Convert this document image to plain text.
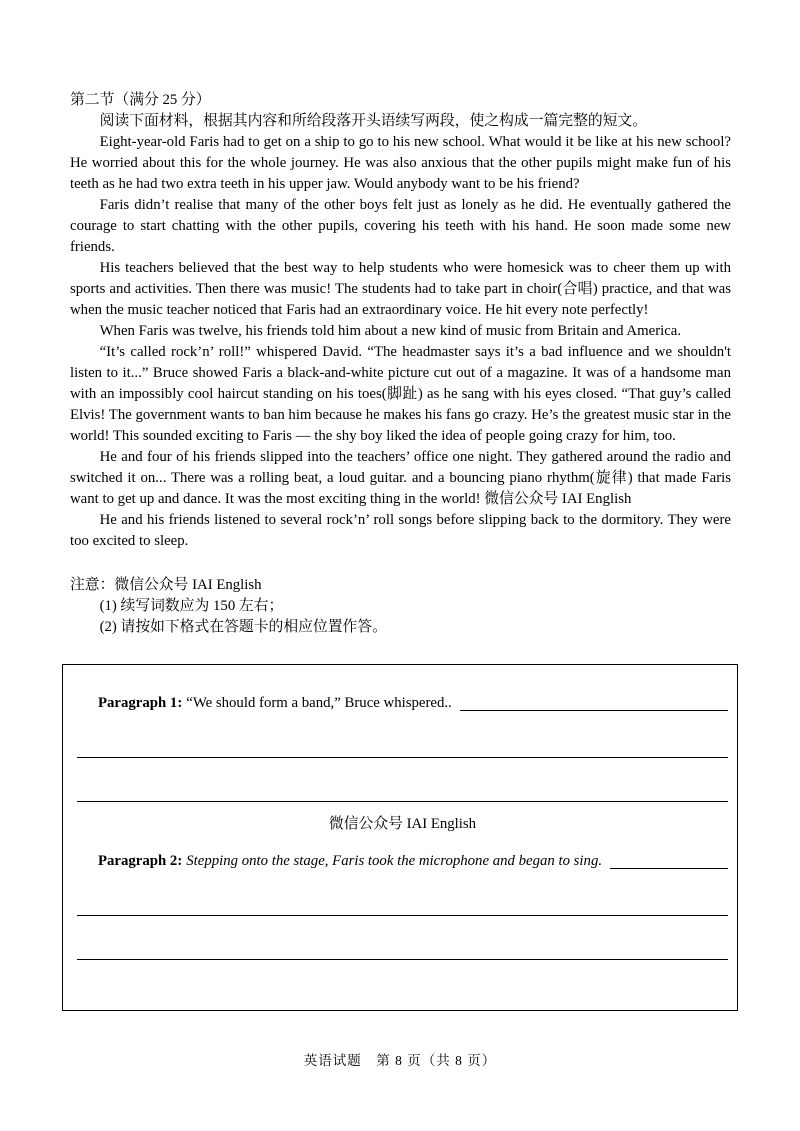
第二节（满分 25 分）

阅读下面材料，根据其内容和所给段落开头语续写两段，使之构成一篇完整的短文。

Eight-year-old Faris had to get on a ship to go to his new school. What would it be like at his new school? He worried about this for the whole journey. He was also anxious that the other pupils might make fun of his teeth as he had two extra teeth in his upper jaw. Would anybody want to be his friend?

Faris didn’t realise that many of the other boys felt just as lonely as he did. He eventually gathered the courage to start chatting with the other pupils, covering his teeth with his hand. He soon made some new friends.

His teachers believed that the best way to help students who were homesick was to cheer them up with sports and activities. Then there was music! The students had to take part in choir(合唱) practice, and that was when the music teacher noticed that Faris had an extraordinary voice. He hit every note perfectly!

When Faris was twelve, his friends told him about a new kind of music from Britain and America.

“It’s called rock’n’ roll!” whispered David. “The headmaster says it’s a bad influence and we shouldn't listen to it...” Bruce showed Faris a black-and-white picture cut out of a magazine. It was of a handsome man with an impossibly cool haircut standing on his toes(脚趾) as he sang with his eyes closed. “That guy’s called Elvis! The government wants to ban him because he makes his fans go crazy. He’s the greatest music star in the world! This sounded exciting to Faris — the shy boy liked the idea of people going crazy for him, too.

He and four of his friends slipped into the teachers’ office one night. They gathered around the radio and switched it on... There was a rolling beat, a loud guitar. and a bouncing piano rhythm(旋律) that made Faris want to get up and dance. It was the most exciting thing in the world! 微信公众号 IAI English

He and his friends listened to several rock’n’ roll songs before slipping back to the dormitory. They were too excited to sleep.

注意：微信公众号 IAI English

(1) 续写词数应为 150 左右；

(2) 请按如下格式在答题卡的相应位置作答。

Paragraph 1: “We should form a band,” Bruce whispered..
微信公众号 IAI English
Paragraph 2: Stepping onto the stage, Faris took the microphone and began to sing.
英语试题　第 8 页（共 8 页）
